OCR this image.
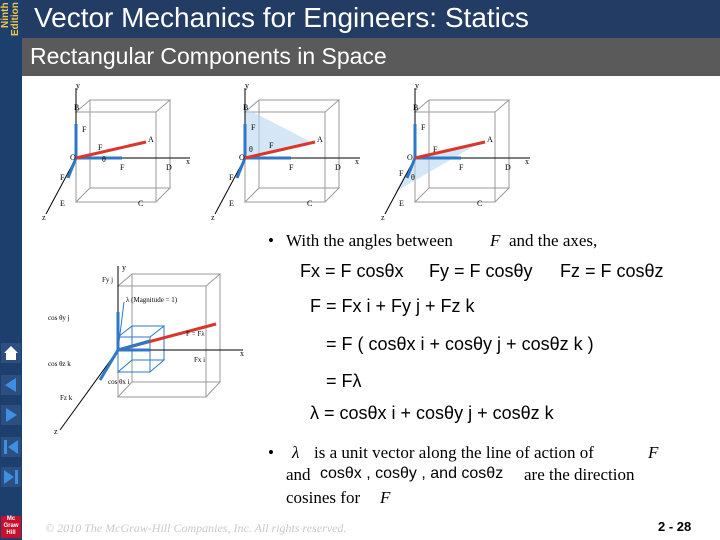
Ninth Edition
Mc Graw Hill
Vector Mechanics for Engineers: Statics
Rectangular Components in Space
y
B
O
A
D
C
E
x
z
F
F
F
F
θ
y
B
O
A
D
C
E
x
z
F
F
F
F
θ
y
B
O
A
D
C
E
x
z
F
F
F
F θ
λ (Magnitude = 1)
F = Fλ
Fy j
cos θy j
cos θz k
cos θx i
Fz k
Fx i
x
y
z
• With the angles between F and the axes,
Fx = F cosθx Fy = F cosθy Fz = F cosθz
F = Fx i + Fy j + Fz k
= F ( cosθx i + cosθy j + cosθz k )
= Fλ
λ = cosθx i + cosθy j + cosθz k
• λ is a unit vector along the line of action of	F
and cosθx , cosθy , and cosθz are the direction
cosines for F
© 2010 The McGraw-Hill Companies, Inc. All rights reserved.	2 - 28
